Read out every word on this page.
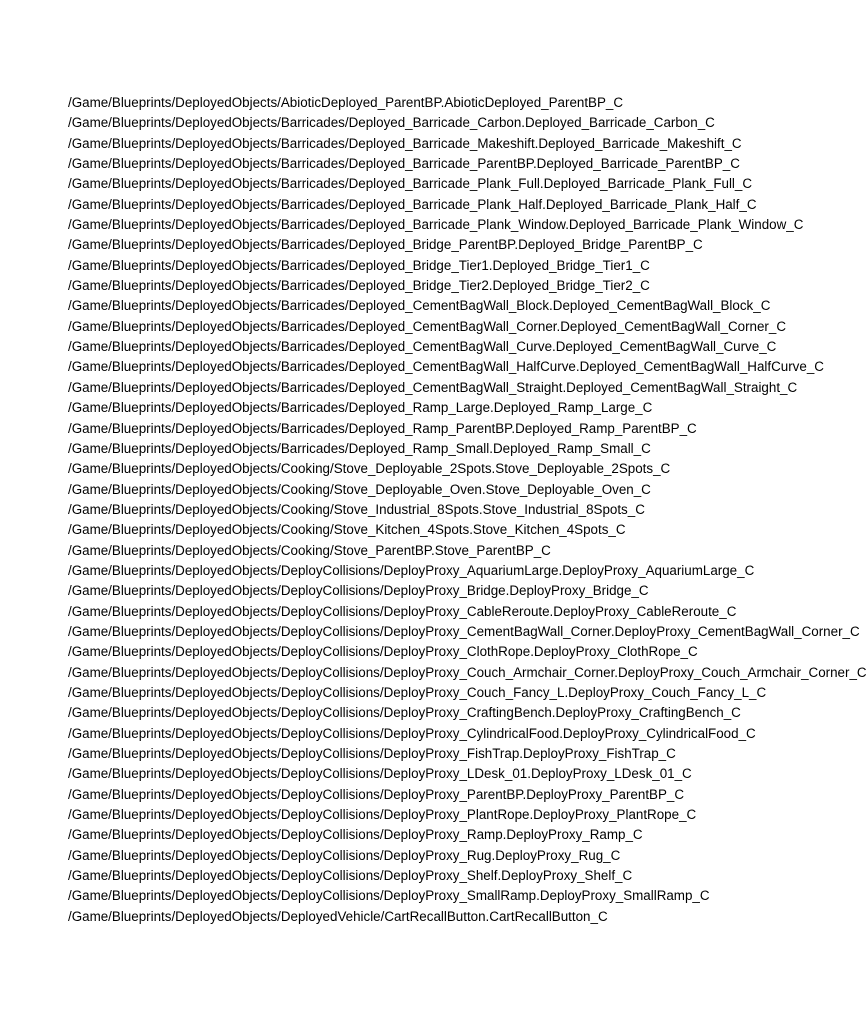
/Game/Blueprints/DeployedObjects/AbioticDeployed_ParentBP.AbioticDeployed_ParentBP_C
/Game/Blueprints/DeployedObjects/Barricades/Deployed_Barricade_Carbon.Deployed_Barricade_Carbon_C
/Game/Blueprints/DeployedObjects/Barricades/Deployed_Barricade_Makeshift.Deployed_Barricade_Makeshift_C
/Game/Blueprints/DeployedObjects/Barricades/Deployed_Barricade_ParentBP.Deployed_Barricade_ParentBP_C
/Game/Blueprints/DeployedObjects/Barricades/Deployed_Barricade_Plank_Full.Deployed_Barricade_Plank_Full_C
/Game/Blueprints/DeployedObjects/Barricades/Deployed_Barricade_Plank_Half.Deployed_Barricade_Plank_Half_C
/Game/Blueprints/DeployedObjects/Barricades/Deployed_Barricade_Plank_Window.Deployed_Barricade_Plank_Window_C
/Game/Blueprints/DeployedObjects/Barricades/Deployed_Bridge_ParentBP.Deployed_Bridge_ParentBP_C
/Game/Blueprints/DeployedObjects/Barricades/Deployed_Bridge_Tier1.Deployed_Bridge_Tier1_C
/Game/Blueprints/DeployedObjects/Barricades/Deployed_Bridge_Tier2.Deployed_Bridge_Tier2_C
/Game/Blueprints/DeployedObjects/Barricades/Deployed_CementBagWall_Block.Deployed_CementBagWall_Block_C
/Game/Blueprints/DeployedObjects/Barricades/Deployed_CementBagWall_Corner.Deployed_CementBagWall_Corner_C
/Game/Blueprints/DeployedObjects/Barricades/Deployed_CementBagWall_Curve.Deployed_CementBagWall_Curve_C
/Game/Blueprints/DeployedObjects/Barricades/Deployed_CementBagWall_HalfCurve.Deployed_CementBagWall_HalfCurve_C
/Game/Blueprints/DeployedObjects/Barricades/Deployed_CementBagWall_Straight.Deployed_CementBagWall_Straight_C
/Game/Blueprints/DeployedObjects/Barricades/Deployed_Ramp_Large.Deployed_Ramp_Large_C
/Game/Blueprints/DeployedObjects/Barricades/Deployed_Ramp_ParentBP.Deployed_Ramp_ParentBP_C
/Game/Blueprints/DeployedObjects/Barricades/Deployed_Ramp_Small.Deployed_Ramp_Small_C
/Game/Blueprints/DeployedObjects/Cooking/Stove_Deployable_2Spots.Stove_Deployable_2Spots_C
/Game/Blueprints/DeployedObjects/Cooking/Stove_Deployable_Oven.Stove_Deployable_Oven_C
/Game/Blueprints/DeployedObjects/Cooking/Stove_Industrial_8Spots.Stove_Industrial_8Spots_C
/Game/Blueprints/DeployedObjects/Cooking/Stove_Kitchen_4Spots.Stove_Kitchen_4Spots_C
/Game/Blueprints/DeployedObjects/Cooking/Stove_ParentBP.Stove_ParentBP_C
/Game/Blueprints/DeployedObjects/DeployCollisions/DeployProxy_AquariumLarge.DeployProxy_AquariumLarge_C
/Game/Blueprints/DeployedObjects/DeployCollisions/DeployProxy_Bridge.DeployProxy_Bridge_C
/Game/Blueprints/DeployedObjects/DeployCollisions/DeployProxy_CableReroute.DeployProxy_CableReroute_C
/Game/Blueprints/DeployedObjects/DeployCollisions/DeployProxy_CementBagWall_Corner.DeployProxy_CementBagWall_Corner_C
/Game/Blueprints/DeployedObjects/DeployCollisions/DeployProxy_ClothRope.DeployProxy_ClothRope_C
/Game/Blueprints/DeployedObjects/DeployCollisions/DeployProxy_Couch_Armchair_Corner.DeployProxy_Couch_Armchair_Corner_C
/Game/Blueprints/DeployedObjects/DeployCollisions/DeployProxy_Couch_Fancy_L.DeployProxy_Couch_Fancy_L_C
/Game/Blueprints/DeployedObjects/DeployCollisions/DeployProxy_CraftingBench.DeployProxy_CraftingBench_C
/Game/Blueprints/DeployedObjects/DeployCollisions/DeployProxy_CylindricalFood.DeployProxy_CylindricalFood_C
/Game/Blueprints/DeployedObjects/DeployCollisions/DeployProxy_FishTrap.DeployProxy_FishTrap_C
/Game/Blueprints/DeployedObjects/DeployCollisions/DeployProxy_LDesk_01.DeployProxy_LDesk_01_C
/Game/Blueprints/DeployedObjects/DeployCollisions/DeployProxy_ParentBP.DeployProxy_ParentBP_C
/Game/Blueprints/DeployedObjects/DeployCollisions/DeployProxy_PlantRope.DeployProxy_PlantRope_C
/Game/Blueprints/DeployedObjects/DeployCollisions/DeployProxy_Ramp.DeployProxy_Ramp_C
/Game/Blueprints/DeployedObjects/DeployCollisions/DeployProxy_Rug.DeployProxy_Rug_C
/Game/Blueprints/DeployedObjects/DeployCollisions/DeployProxy_Shelf.DeployProxy_Shelf_C
/Game/Blueprints/DeployedObjects/DeployCollisions/DeployProxy_SmallRamp.DeployProxy_SmallRamp_C
/Game/Blueprints/DeployedObjects/DeployedVehicle/CartRecallButton.CartRecallButton_C
